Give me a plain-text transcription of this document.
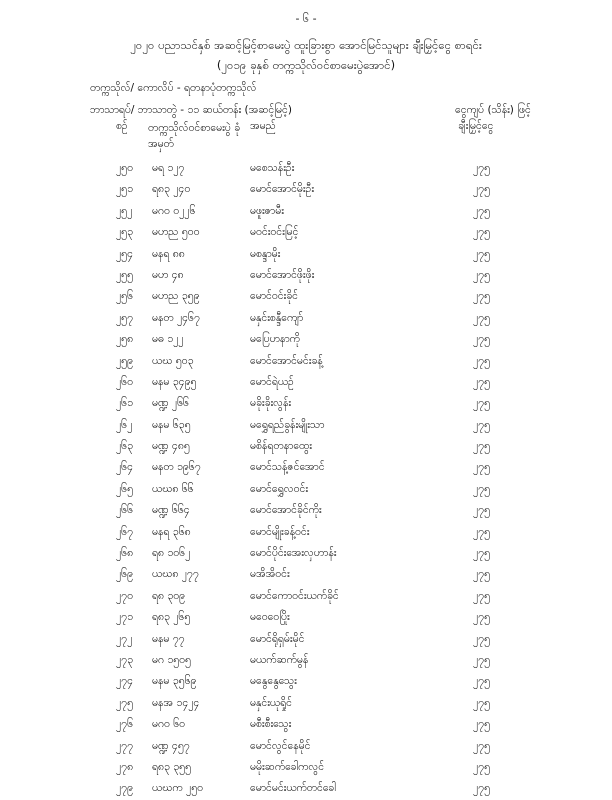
- ၆ -
၂၀၂၀ ပညာသင်နှစ် အဆင့်မြင့်စာမေးပွဲ ထူးခြားစွာ အောင်မြင်သူများ ချီးမြှင့်ငွေ စာရင်း
(၂၀၁၉ ခုနှစ် တက္ကသိုလ်ဝင်စာမေးပွဲအောင်)
တက္ကသိုလ်/ ကောလိပ် - ရတနာပုံတက္ကသိုလ်
ဘာသာရပ်/ ဘာသာတွဲ - ၁၁ ဆယ်တန်း (အဆင့်မြင့်)	ငွေကျပ် (သိန်း) ဖြင့်
စဉ် တက္ကသိုလ်ဝင်စာမေးပွဲ ခုံအမှတ်
အမည်	ချီးမြှင့်ငွေ
၂၅၀ မရ ၁၂၇	မစေသန်းဦး	၂၇၅
၂၅၁ ရ၈၃ ၂၄၀	မောင်အောင်မိုးဦး	၂၇၅
၂၅၂ မဂ၀ ၀၂၂၆	မဖူးဇာမီး	၂၇၅
၂၅၃ မဟည ၅၀၀	မဝင်းဝင်းမြင့်	၂၇၅
၂၅၄ မနရ ၈၈	မစန္ဒာမိုး	၂၇၅
၂၅၅ မဟ ၄၈	မောင်အောင်ဖိုးဖိုး	၂၇၅
၂၅၆ မဟည ၃၅၉	မောင်ဝင်းခိုင်	၂၇၅
၂၅၇ မနတ ၂၄၆၇	မနှင်းစန္ဒီကျော်	၂၇၅
၂၅၈ မဓ ၁၂၂	မပြေဟနာကို	၂၇၅
၂၅၉ ယဃ ၅၀၃	မောင်အောင်မင်းခန့်	၂၇၅
၂၆၀ မနမ ၃၄၉၅	မောင်ရဲယဉ်	၂၇၅
၂၆၁ မဏ္ဍ ၂၆၆	မခိုးခိုးလွန်း	၂၇၅
၂၆၂ မနမ ၆၃၅	မရွှေရည်ခွန်းမျိုးသာ	၂၇၅
၂၆၃ မဏ္ဍ ၄၈၅	မစိန်ရတနာထွေး	၂၇၅
၂၆၄ မနတ ၁၉၆၇	မောင်သန့်ဇင်အောင်	၂၇၅
၂၆၅ ယဃ၈ ၆၆	မောင်ရွှေလဝင်း	၂၇၅
၂၆၆ မဏ္ဍ ၆၆၄	မောင်အောင်ခိုင်ကိုး	၂၇၅
၂၆၇ မနရ ၃၆၈	မောင်မျိုးခန့်ဝင်း	၂၇၅
၂၆၈ ရ၈ ၁၀၆၂	မောင်ပိုင်းအေးလှဟာန်း	၂၇၅
၂၆၉ ယဃ၈ ၂၇၇	မအိအိဝင်း	၂၇၅
၂၇၀ ရ၈ ၃၀၉	မောင်ကောဝင်းယက်ခိုင်	၂၇၅
၂၇၁ ရ၈၃ ၂၆၅	မဝေဝေပြိုး	၂၇၅
၂၇၂ မနမ ၇၇	မောင်ရိုရှမ်းမိုင်	၂၇၅
၂၇၃ မဂ ၁၅၀၅	မယက်ဆက်မွန်	၂၇၅
၂၇၄ မနမ ၃၅၆၉	မနွေနွေသွေး	၂၇၅
၂၇၅ မနအ ၁၄၂၄	မနှင်းယုရှိုင်	၂၇၅
၂၇၆ မဂ၀ ၆၀	မစီးစီးသွေး	၂၇၅
၂၇၇ မဏ္ဍ ၄၅၇	မောင်လွင်နေမိုင်	၂၇၅
၂၇၈ ရ၈၃ ၃၅၅	မမိုးဆက်ခေါကလွင်	၂၇၅
၂၇၉ ယဃက ၂၅၀	မောင်မင်းယက်တင်ခေါ	၂၇၅
